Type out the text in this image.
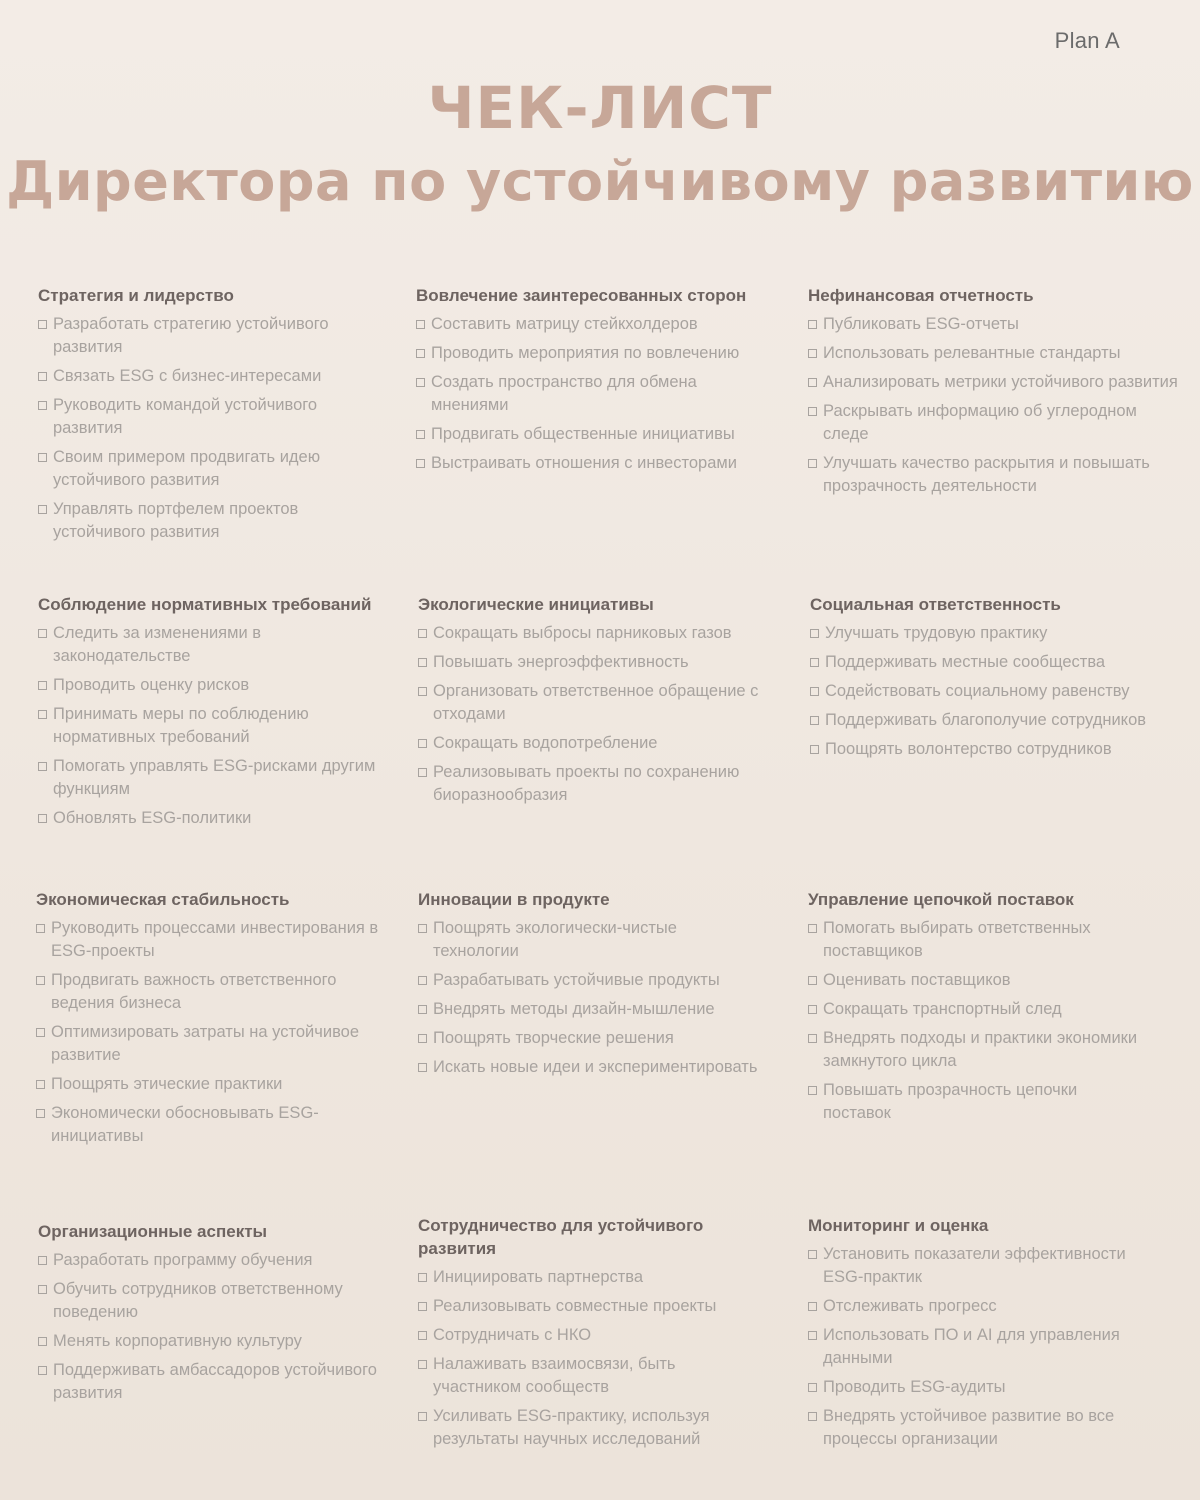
Plan A
ЧЕК-ЛИСТ
Директора по устойчивому развитию
Стратегия и лидерство
Разработать стратегию устойчивого развития
Связать ESG с бизнес-интересами
Руководить командой устойчивого развития
Своим примером продвигать идею устойчивого развития
Управлять портфелем проектов устойчивого развития
Вовлечение заинтересованных сторон
Составить матрицу стейкхолдеров
Проводить мероприятия по вовлечению
Создать пространство для обмена мнениями
Продвигать общественные инициативы
Выстраивать отношения с инвесторами
Нефинансовая отчетность
Публиковать ESG-отчеты
Использовать релевантные стандарты
Анализировать метрики устойчивого развития
Раскрывать информацию об углеродном следе
Улучшать качество раскрытия и повышать прозрачность деятельности
Соблюдение нормативных требований
Следить за изменениями в законодательстве
Проводить оценку рисков
Принимать меры по соблюдению нормативных требований
Помогать управлять ESG-рисками другим функциям
Обновлять ESG-политики
Экологические инициативы
Сокращать выбросы парниковых газов
Повышать энергоэффективность
Организовать ответственное обращение с отходами
Сокращать водопотребление
Реализовывать проекты по сохранению биоразнообразия
Социальная ответственность
Улучшать трудовую практику
Поддерживать местные сообщества
Содействовать социальному равенству
Поддерживать благополучие сотрудников
Поощрять волонтерство сотрудников
Экономическая стабильность
Руководить процессами инвестирования в ESG-проекты
Продвигать важность ответственного ведения бизнеса
Оптимизировать затраты на устойчивое развитие
Поощрять этические практики
Экономически обосновывать ESG-инициативы
Инновации в продукте
Поощрять экологически-чистые технологии
Разрабатывать устойчивые продукты
Внедрять методы дизайн-мышление
Поощрять творческие решения
Искать новые идеи и экспериментировать
Управление цепочкой поставок
Помогать выбирать ответственных поставщиков
Оценивать поставщиков
Сокращать транспортный след
Внедрять подходы и практики экономики замкнутого цикла
Повышать прозрачность цепочки поставок
Организационные аспекты
Разработать программу обучения
Обучить сотрудников ответственному поведению
Менять корпоративную культуру
Поддерживать амбассадоров устойчивого развития
Сотрудничество для устойчивого развития
Инициировать партнерства
Реализовывать совместные проекты
Сотрудничать с НКО
Налаживать взаимосвязи, быть участником сообществ
Усиливать ESG-практику, используя результаты научных исследований
Мониторинг и оценка
Установить показатели эффективности ESG-практик
Отслеживать прогресс
Использовать ПО и AI для управления данными
Проводить ESG-аудиты
Внедрять устойчивое развитие во все процессы организации
